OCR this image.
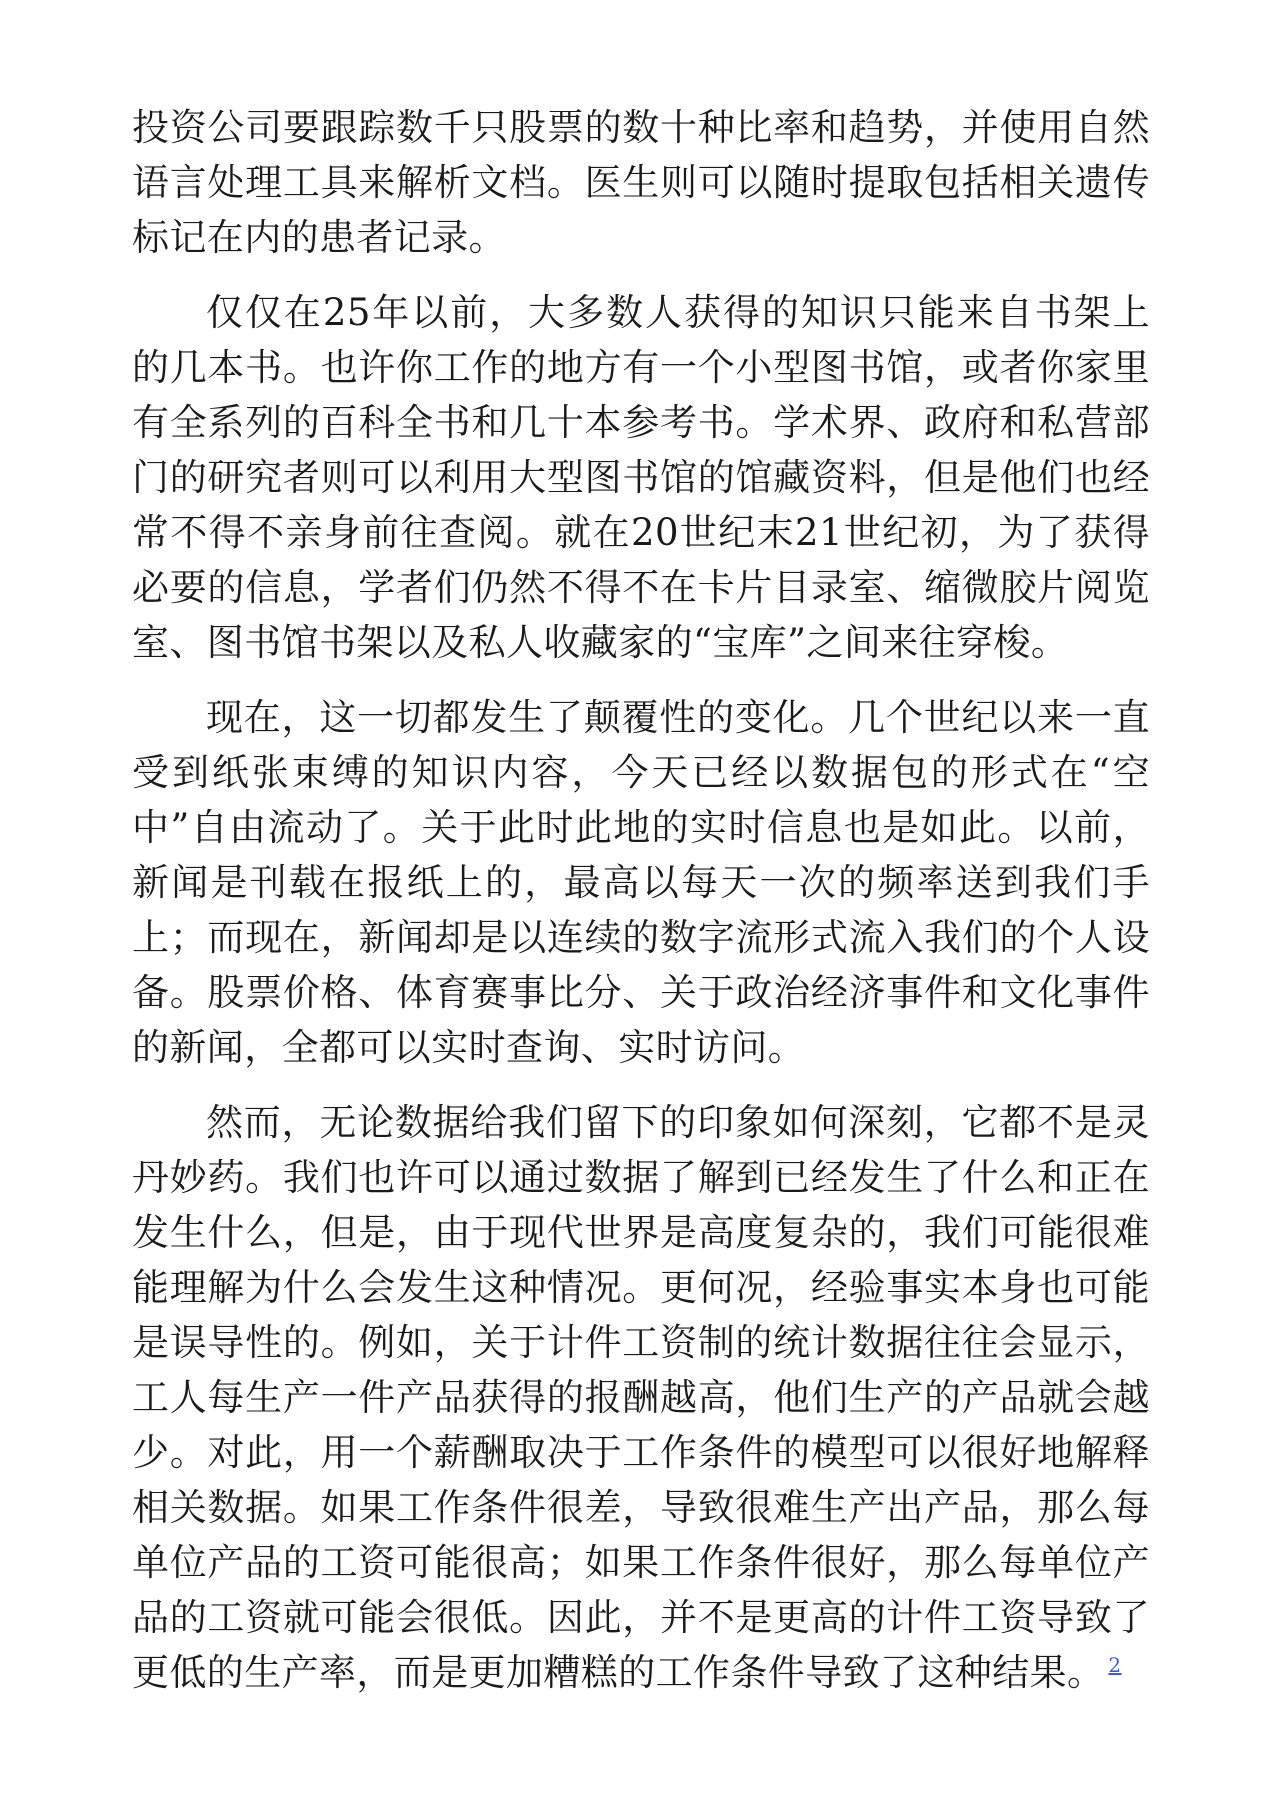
投资公司要跟踪数千只股票的数十种比率和趋势，并使用自然语言处理工具来解析文档。医生则可以随时提取包括相关遗传标记在内的患者记录。

仅仅在25年以前，大多数人获得的知识只能来自书架上的几本书。也许你工作的地方有一个小型图书馆，或者你家里有全系列的百科全书和几十本参考书。学术界、政府和私营部门的研究者则可以利用大型图书馆的馆藏资料，但是他们也经常不得不亲身前往查阅。就在20世纪末21世纪初，为了获得必要的信息，学者们仍然不得不在卡片目录室、缩微胶片阅览室、图书馆书架以及私人收藏家的“宝库”之间来往穿梭。

现在，这一切都发生了颠覆性的变化。几个世纪以来一直受到纸张束缚的知识内容，今天已经以数据包的形式在“空中”自由流动了。关于此时此地的实时信息也是如此。以前，新闻是刊载在报纸上的，最高以每天一次的频率送到我们手上；而现在，新闻却是以连续的数字流形式流入我们的个人设备。股票价格、体育赛事比分、关于政治经济事件和文化事件的新闻，全都可以实时查询、实时访问。

然而，无论数据给我们留下的印象如何深刻，它都不是灵丹妙药。我们也许可以通过数据了解到已经发生了什么和正在发生什么，但是，由于现代世界是高度复杂的，我们可能很难能理解为什么会发生这种情况。更何况，经验事实本身也可能是误导性的。例如，关于计件工资制的统计数据往往会显示，工人每生产一件产品获得的报酬越高，他们生产的产品就会越少。对此，用一个薪酬取决于工作条件的模型可以很好地解释相关数据。如果工作条件很差，导致很难生产出产品，那么每单位产品的工资可能很高；如果工作条件很好，那么每单位产品的工资就可能会很低。因此，并不是更高的计件工资导致了更低的生产率，而是更加糟糕的工作条件导致了这种结果。 $^2$
